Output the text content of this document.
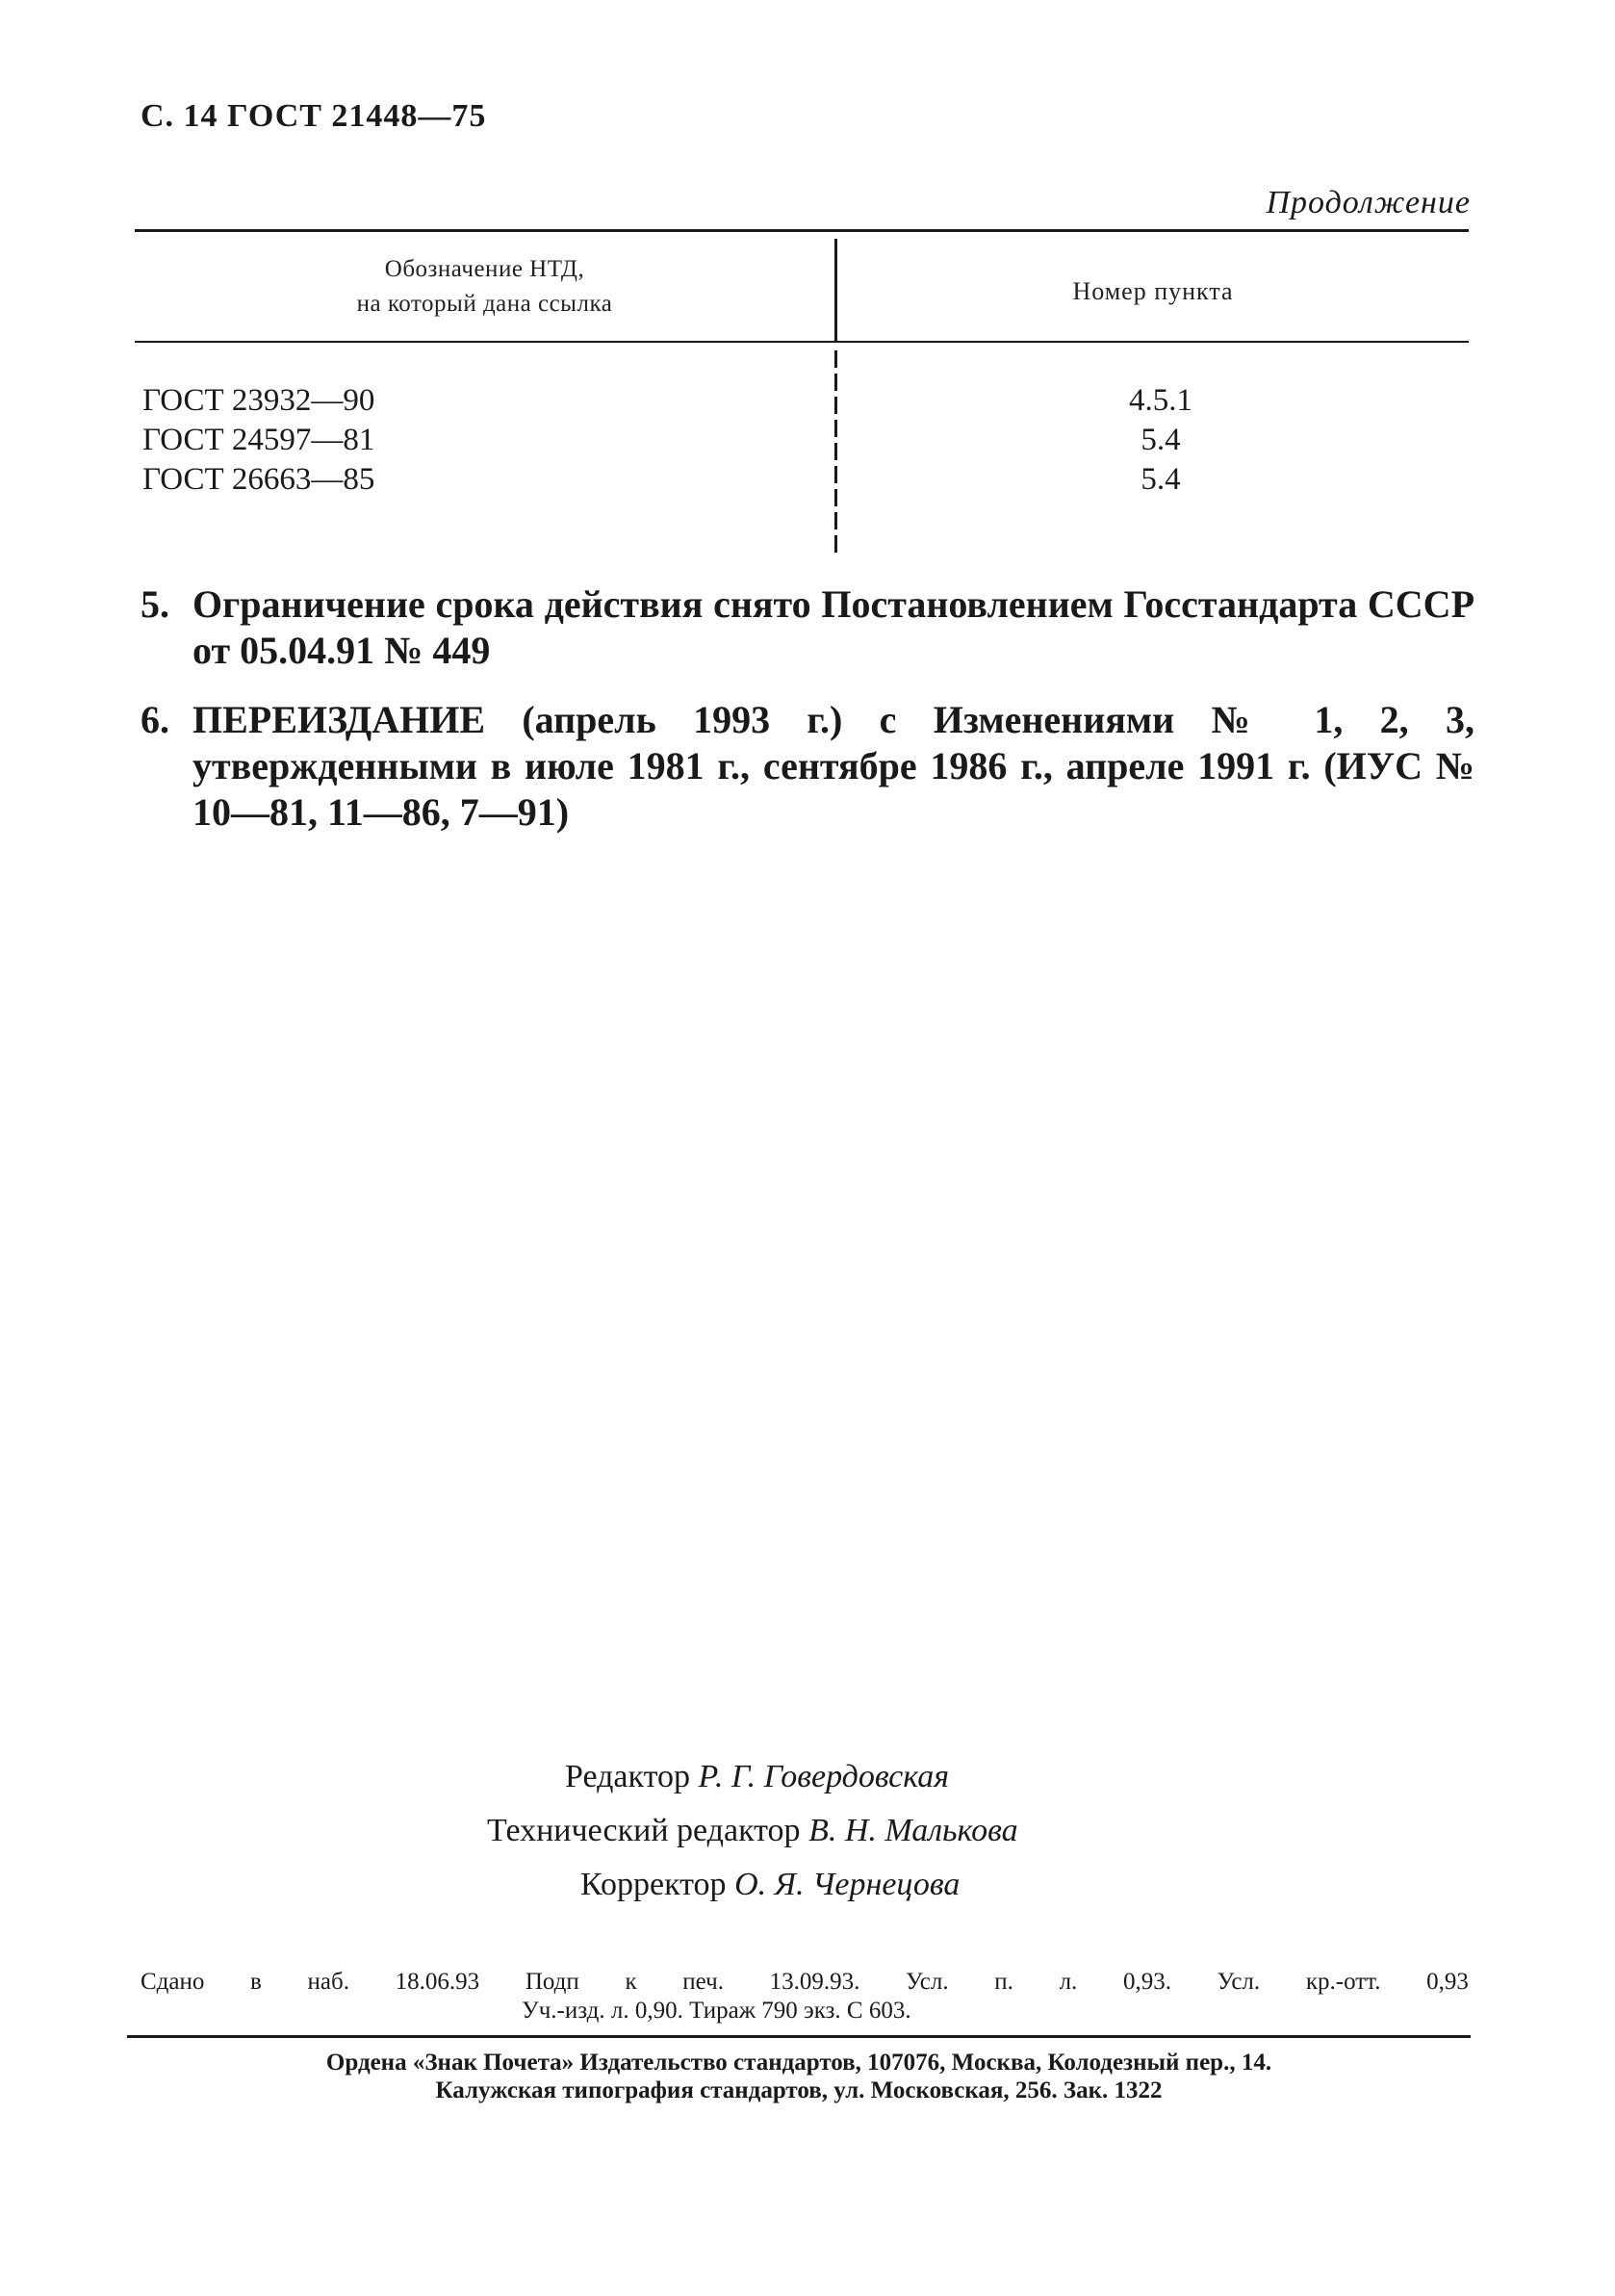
С. 14 ГОСТ 21448—75
Продолжение
Обозначение НТД,
на который дана ссылка	Номер пункта
ГОСТ 23932—90	4.5.1
ГОСТ 24597—81	5.4
ГОСТ 26663—85	5.4
5. Ограничение срока действия снято Постановлением Госстандарта СССР от 05.04.91 № 449
6. ПЕРЕИЗДАНИЕ (апрель 1993 г.) с Изменениями № 1, 2, 3, утвержденными в июле 1981 г., сентябре 1986 г., апреле 1991 г. (ИУС № 10—81, 11—86, 7—91)
Редактор Р. Г. Говердовская
Технический редактор В. Н. Малькова
Корректор О. Я. Чернецова
Сдано в наб. 18.06.93 Подп к печ. 13.09.93. Усл. п. л. 0,93. Усл. кр.-отт. 0,93
Уч.-изд. л. 0,90. Тираж 790 экз. С 603.
Ордена «Знак Почета» Издательство стандартов, 107076, Москва, Колодезный пер., 14.
Калужская типография стандартов, ул. Московская, 256. Зак. 1322
